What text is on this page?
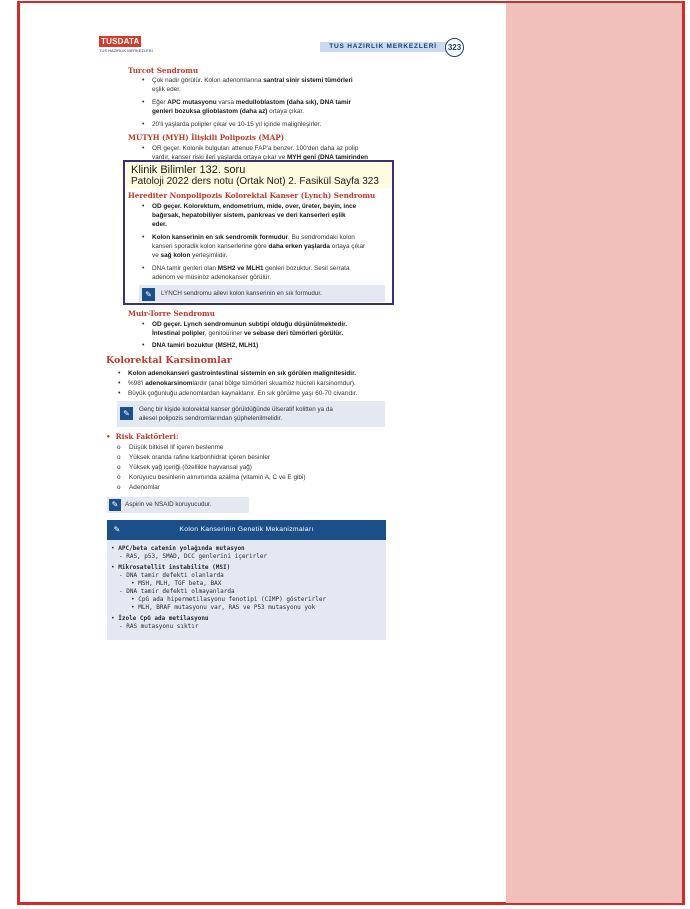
TUSDATA
TUS HAZIRLIK MERKEZLERİ
TUS HAZIRLIK MERKEZLERİ	323
Turcot Sendromu
• Çok nadir görülür. Kolon adenomlarına santral sinir sistemi tümörleri
eşlik eder.
• Eğer APC mutasyonu varsa medulloblastom (daha sık), DNA tamir
genleri bozuksa glioblastom (daha az) ortaya çıkar.
• 20'li yaşlarda polipler çıkar ve 10-15 yıl içinde malignleşirler.
MUTYH (MYH) İlişkili Polipozis (MAP)
• OR geçer. Kolonik bulguları attenue FAP'a benzer. 100'den daha az polip
vardır, kanser riski ileri yaşlarda ortaya çıkar ve MYH geni (DNA tamirinden
Klinik Bilimler 132. soru
Patoloji 2022 ders notu (Ortak Not) 2. Fasikül Sayfa 323
Herediter Nonpolipozis Kolorektal Kanser (Lynch) Sendromu
• OD geçer. Kolorektum, endometrium, mide, over, üreter, beyin, ince
bağırsak, hepatobiliyer sistem, pankreas ve deri kanserleri eşlik
eder.
• Kolon kanserinin en sık sendromik formudur. Bu sendromdaki kolon
kanseri sporadik kolon kanserlerine göre daha erken yaşlarda ortaya çıkar
ve sağ kolon yerleşimlidir.
• DNA tamir genleri olan MSH2 ve MLH1 genleri bozuktur. Sesil serrata
adenom ve müsinöz adenokanser görülür.
✎	LYNCH sendromu ailevi kolon kanserinin en sık formudur.
Muir-Torre Sendromu
• OD geçer. Lynch sendromunun subtipi olduğu düşünülmektedir.
İntestinal polipler, genitoüriner ve sebase deri tümörleri görülür.
• DNA tamiri bozuktur (MSH2, MLH1)
Kolorektal Karsinomlar
• Kolon adenokanseri gastrointestinal sistemin en sık görülen malignitesidir.
• %98'i adenokarsinomlardır (anal bölge tümörleri skuamöz hücreli karsinomdur).
• Büyük çoğunluğu adenomlardan kaynaklanır. En sık görülme yaşı 60-70 civarıdır.
✎	Genç bir kişide kolorektal kanser görüldüğünde ülseratif kolitten ya da
ailesel polipozis sendromlarından şüphelenilmelidir.
• Risk Faktörleri:
o Düşük bitkisel lif içeren beslenme
o Yüksek oranda rafine karbonhidrat içeren besinler
o Yüksek yağ içeriği (özellikle hayvansal yağ)
o Koruyucu besinlerin alınımında azalma (vitamin A, C ve E gibi)
o Adenomlar
✎	Aspirin ve NSAID koruyucudur.
Kolon Kanserinin Genetik Mekanizmaları
✎
• APC/beta catenin yolağında mutasyon
- RAS, p53, SMAD, DCC genlerini içerirler
• Mikrosatellit instabilite (MSI)
- DNA tamir defekti olanlarda
• MSH, MLH, TGF beta, BAX
- DNA tamir defekti olmayanlarda
• CpG ada hipermetilasyonu fenotipi (CIMP) gösterirler
• MLH, BRAF mutasyonu var, RAS ve P53 mutasyonu yok
• İzole CpG ada metilasyonu
- RAS mutasyonu sıktır
